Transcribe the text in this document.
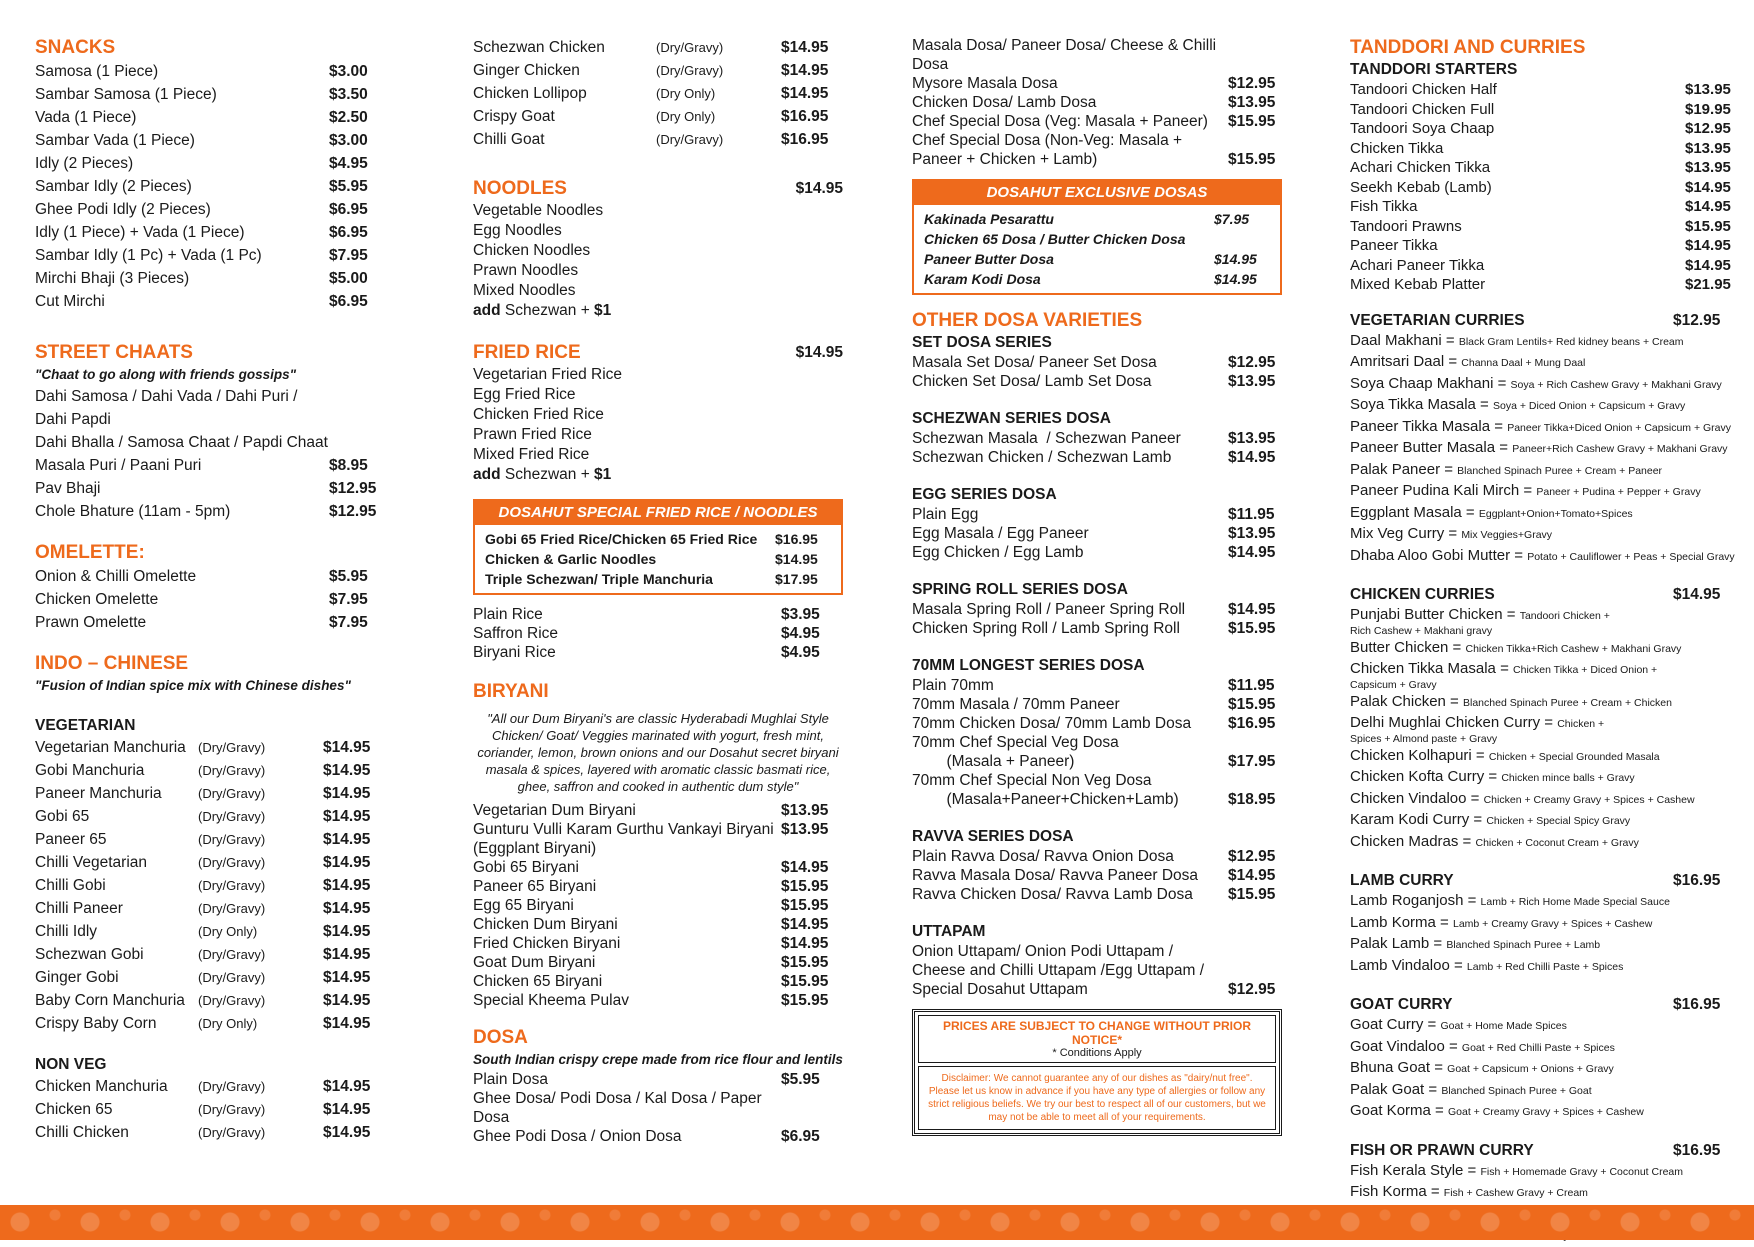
SNACKS
Samosa (1 Piece)	$3.00
Sambar Samosa (1 Piece)	$3.50
Vada (1 Piece)	$2.50
Sambar Vada (1 Piece)	$3.00
Idly (2 Pieces)	$4.95
Sambar Idly (2 Pieces)	$5.95
Ghee Podi Idly (2 Pieces)	$6.95
Idly (1 Piece) + Vada (1 Piece)	$6.95
Sambar Idly (1 Pc) + Vada (1 Pc)	$7.95
Mirchi Bhaji (3 Pieces)	$5.00
Cut Mirchi	$6.95
STREET CHAATS
"Chaat to go along with friends gossips"
Dahi Samosa / Dahi Vada / Dahi Puri / Dahi Papdi
Dahi Bhalla / Samosa Chaat / Papdi Chaat
Masala Puri / Paani Puri	$8.95
Pav Bhaji	$12.95
Chole Bhature (11am - 5pm)	$12.95
OMELETTE:
Onion & Chilli Omelette	$5.95
Chicken Omelette	$7.95
Prawn Omelette	$7.95
INDO – CHINESE
"Fusion of Indian spice mix with Chinese dishes"
VEGETARIAN
Vegetarian Manchuria (Dry/Gravy)	$14.95
Gobi Manchuria	(Dry/Gravy)	$14.95
Paneer Manchuria	(Dry/Gravy)	$14.95
Gobi 65	(Dry/Gravy)	$14.95
Paneer 65	(Dry/Gravy)	$14.95
Chilli Vegetarian	(Dry/Gravy)	$14.95
Chilli Gobi	(Dry/Gravy)	$14.95
Chilli Paneer	(Dry/Gravy)	$14.95
Chilli Idly	(Dry Only)	$14.95
Schezwan Gobi	(Dry/Gravy)	$14.95
Ginger Gobi	(Dry/Gravy)	$14.95
Baby Corn Manchuria	(Dry/Gravy)	$14.95
Crispy Baby Corn	(Dry Only)	$14.95
NON VEG
Chicken Manchuria	(Dry/Gravy)	$14.95
Chicken 65	(Dry/Gravy)	$14.95
Chilli Chicken	(Dry/Gravy)	$14.95
Schezwan Chicken	(Dry/Gravy)	$14.95
Ginger Chicken	(Dry/Gravy)	$14.95
Chicken Lollipop	(Dry Only)	$14.95
Crispy Goat	(Dry Only)	$16.95
Chilli Goat	(Dry/Gravy)	$16.95
NOODLES	$14.95
Vegetable Noodles
Egg Noodles
Chicken Noodles
Prawn Noodles
Mixed Noodles
add Schezwan + $1
FRIED RICE	$14.95
Vegetarian Fried Rice
Egg Fried Rice
Chicken Fried Rice
Prawn Fried Rice
Mixed Fried Rice
add Schezwan + $1
DOSAHUT SPECIAL FRIED RICE / NOODLES
Gobi 65 Fried Rice/Chicken 65 Fried Rice	$16.95
Chicken & Garlic Noodles	$14.95
Triple Schezwan/ Triple Manchuria	$17.95
Plain Rice	$3.95
Saffron Rice	$4.95
Biryani Rice	$4.95
BIRYANI
"All our Dum Biryani's are classic Hyderabadi Mughlai Style Chicken/ Goat/ Veggies marinated with yogurt, fresh mint, coriander, lemon, brown onions and our Dosahut secret biryani masala & spices, layered with aromatic classic basmati rice, ghee, saffron and cooked in authentic dum style"
Vegetarian Dum Biryani	$13.95
Gunturu Vulli Karam Gurthu Vankayi Biryani $13.95
(Eggplant Biryani)
Gobi 65 Biryani	$14.95
Paneer 65 Biryani	$15.95
Egg 65 Biryani	$15.95
Chicken Dum Biryani	$14.95
Fried Chicken Biryani	$14.95
Goat Dum Biryani	$15.95
Chicken 65 Biryani	$15.95
Special Kheema Pulav	$15.95
DOSA
South Indian crispy crepe made from rice flour and lentils
Plain Dosa	$5.95
Ghee Dosa/ Podi Dosa / Kal Dosa / Paper Dosa
Ghee Podi Dosa / Onion Dosa	$6.95
Masala Dosa/ Paneer Dosa/ Cheese & Chilli Dosa
Mysore Masala Dosa	$12.95
Chicken Dosa/ Lamb Dosa	$13.95
Chef Special Dosa (Veg: Masala + Paneer)	$15.95
Chef Special Dosa (Non-Veg: Masala +
Paneer + Chicken + Lamb)	$15.95
DOSAHUT EXCLUSIVE DOSAS
Kakinada Pesarattu	$7.95
Chicken 65 Dosa / Butter Chicken Dosa
Paneer Butter Dosa	$14.95
Karam Kodi Dosa	$14.95
OTHER DOSA VARIETIES
SET DOSA SERIES
Masala Set Dosa/ Paneer Set Dosa	$12.95
Chicken Set Dosa/ Lamb Set Dosa	$13.95
SCHEZWAN SERIES DOSA
Schezwan Masala  / Schezwan Paneer	$13.95
Schezwan Chicken / Schezwan Lamb	$14.95
EGG SERIES DOSA
Plain Egg	$11.95
Egg Masala / Egg Paneer	$13.95
Egg Chicken / Egg Lamb	$14.95
SPRING ROLL SERIES DOSA
Masala Spring Roll / Paneer Spring Roll	$14.95
Chicken Spring Roll / Lamb Spring Roll	$15.95
70MM LONGEST SERIES DOSA
Plain 70mm	$11.95
70mm Masala / 70mm Paneer	$15.95
70mm Chicken Dosa/ 70mm Lamb Dosa	$16.95
70mm Chef Special Veg Dosa
(Masala + Paneer)	$17.95
70mm Chef Special Non Veg Dosa
(Masala+Paneer+Chicken+Lamb)	$18.95
RAVVA SERIES DOSA
Plain Ravva Dosa/ Ravva Onion Dosa	$12.95
Ravva Masala Dosa/ Ravva Paneer Dosa	$14.95
Ravva Chicken Dosa/ Ravva Lamb Dosa	$15.95
UTTAPAM
Onion Uttapam/ Onion Podi Uttapam /
Cheese and Chilli Uttapam /Egg Uttapam /
Special Dosahut Uttapam	$12.95
PRICES ARE SUBJECT TO CHANGE WITHOUT PRIOR NOTICE*
* Conditions Apply
Disclaimer: We cannot guarantee any of our dishes as "dairy/nut free". Please let us know in advance if you have any type of allergies or follow any strict religious beliefs. We try our best to respect all of our customers, but we may not be able to meet all of your requirements.
TANDDORI AND CURRIES
TANDDORI STARTERS
Tandoori Chicken Half	$13.95
Tandoori Chicken Full	$19.95
Tandoori Soya Chaap	$12.95
Chicken Tikka	$13.95
Achari Chicken Tikka	$13.95
Seekh Kebab (Lamb)	$14.95
Fish Tikka	$14.95
Tandoori Prawns	$15.95
Paneer Tikka	$14.95
Achari Paneer Tikka	$14.95
Mixed Kebab Platter	$21.95
VEGETARIAN CURRIES	$12.95
Daal Makhani = Black Gram Lentils+ Red kidney beans + Cream
Amritsari Daal = Channa Daal + Mung Daal
Soya Chaap Makhani = Soya + Rich Cashew Gravy + Makhani Gravy
Soya Tikka Masala = Soya + Diced Onion + Capsicum + Gravy
Paneer Tikka Masala = Paneer Tikka+Diced Onion + Capsicum + Gravy
Paneer Butter Masala = Paneer+Rich Cashew Gravy + Makhani Gravy
Palak Paneer = Blanched Spinach Puree + Cream + Paneer
Paneer Pudina Kali Mirch = Paneer + Pudina + Pepper + Gravy
Eggplant Masala = Eggplant+Onion+Tomato+Spices
Mix Veg Curry = Mix Veggies+Gravy
Dhaba Aloo Gobi Mutter = Potato + Cauliflower + Peas + Special Gravy
CHICKEN CURRIES	$14.95
Punjabi Butter Chicken = Tandoori Chicken +
Rich Cashew + Makhani gravy
Butter Chicken = Chicken Tikka+Rich Cashew + Makhani Gravy
Chicken Tikka Masala = Chicken Tikka + Diced Onion +
Capsicum + Gravy
Palak Chicken = Blanched Spinach Puree + Cream + Chicken
Delhi Mughlai Chicken Curry = Chicken +
Spices + Almond paste + Gravy
Chicken Kolhapuri = Chicken + Special Grounded Masala
Chicken Kofta Curry = Chicken mince balls + Gravy
Chicken Vindaloo = Chicken + Creamy Gravy + Spices + Cashew
Karam Kodi Curry = Chicken + Special Spicy Gravy
Chicken Madras = Chicken + Coconut Cream + Gravy
LAMB CURRY	$16.95
Lamb Roganjosh = Lamb + Rich Home Made Special Sauce
Lamb Korma = Lamb + Creamy Gravy + Spices + Cashew
Palak Lamb = Blanched Spinach Puree + Lamb
Lamb Vindaloo = Lamb + Red Chilli Paste + Spices
GOAT CURRY	$16.95
Goat Curry = Goat + Home Made Spices
Goat Vindaloo = Goat + Red Chilli Paste + Spices
Bhuna Goat = Goat + Capsicum + Onions + Gravy
Palak Goat = Blanched Spinach Puree + Goat
Goat Korma = Goat + Creamy Gravy + Spices + Cashew
FISH OR PRAWN CURRY	$16.95
Fish Kerala Style = Fish + Homemade Gravy + Coconut Cream
Fish Korma = Fish + Cashew Gravy + Cream
